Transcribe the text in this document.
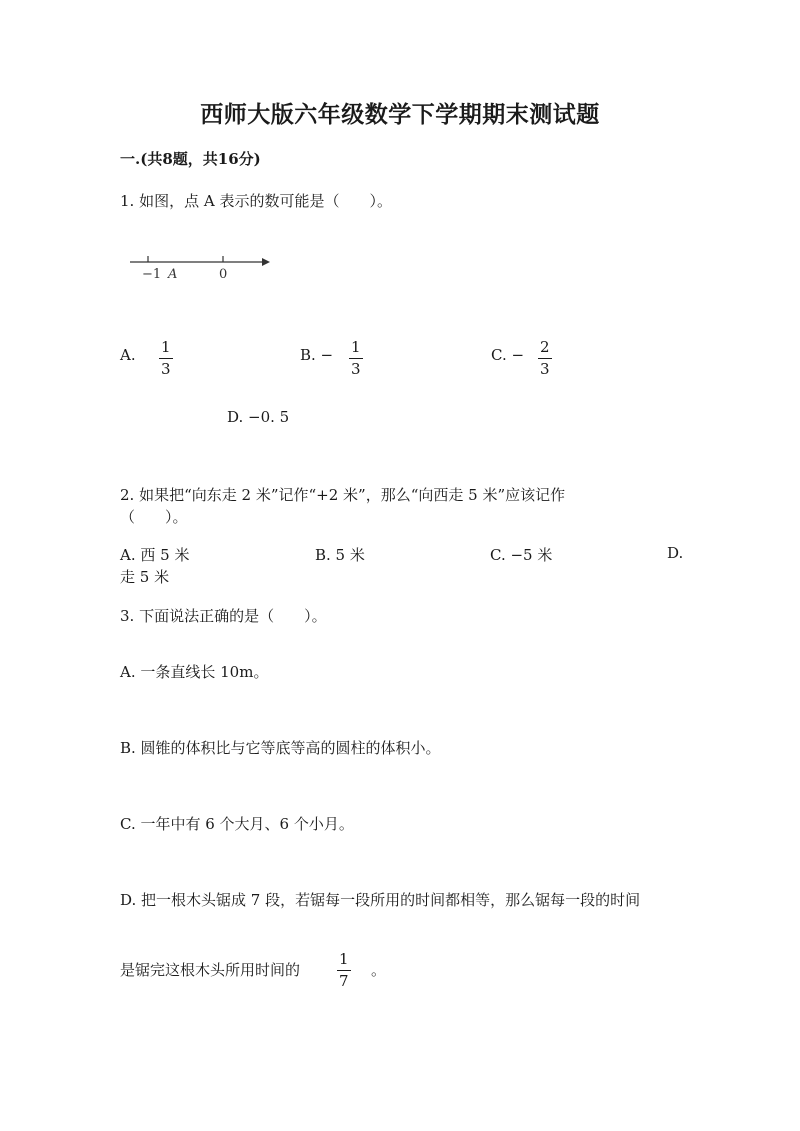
西师大版六年级数学下学期期末测试题
一.(共8题，共16分)
1. 如图，点 A 表示的数可能是（　　）。
−1 A	0
A. 1
3
B. − 1
3
C. − 2
3
D. −0. 5
2. 如果把“向东走 2 米”记作“+2 米”，那么“向西走 5 米”应该记作
（　　）。
A. 西 5 米	B. 5 米	C. −5 米	D.
走 5 米
3. 下面说法正确的是（　　）。
A. 一条直线长 10m。
B. 圆锥的体积比与它等底等高的圆柱的体积小。
C. 一年中有 6 个大月、6 个小月。
D. 把一根木头锯成 7 段，若锯每一段所用的时间都相等，那么锯每一段的时间
是锯完这根木头所用时间的
1
7
。
